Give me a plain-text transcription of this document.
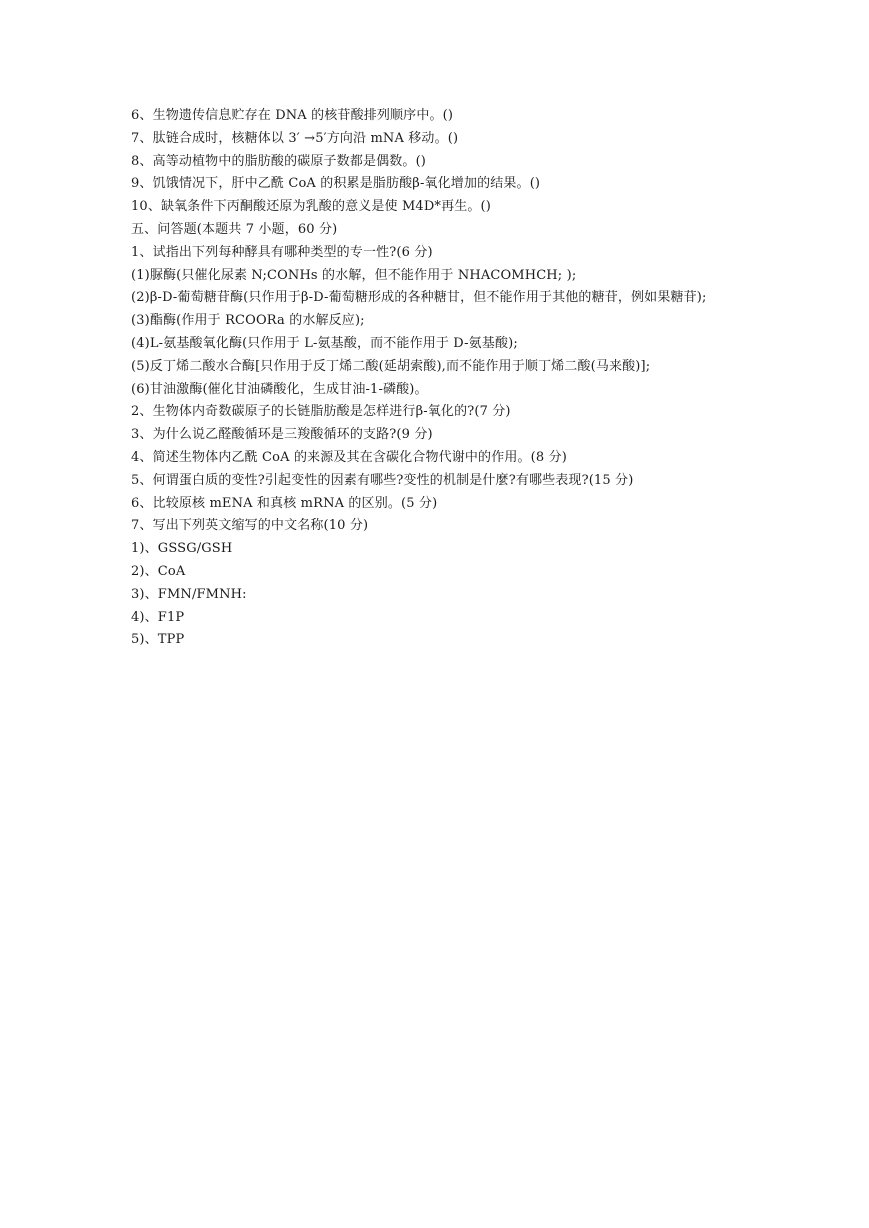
6、生物遗传信息贮存在 DNA 的核苷酸排列顺序中。()

7、肽链合成时，核糖体以 3′ →5′方向沿 mNA 移动。()

8、高等动植物中的脂肪酸的碳原子数都是偶数。()

9、饥饿情况下，肝中乙酰 CoA 的积累是脂肪酸β-氧化增加的结果。()

10、缺氧条件下丙酮酸还原为乳酸的意义是使 M4D*再生。()

五、问答题(本题共 7 小题，60 分)

1、试指出下列每种酵具有哪种类型的专一性?(6 分)

(1)脲酶(只催化尿素 N;CONHs 的水解，但不能作用于 NHACOMHCH; );

(2)β-D-葡萄糖苷酶(只作用于β-D-葡萄糖形成的各种糖甘，但不能作用于其他的糖苷，例如果糖苷);

(3)酯酶(作用于 RCOORa 的水解反应);

(4)L-氨基酸氧化酶(只作用于 L-氨基酸，而不能作用于 D-氨基酸);

(5)反丁烯二酸水合酶[只作用于反丁烯二酸(延胡索酸),而不能作用于顺丁烯二酸(马来酸)];

(6)甘油激酶(催化甘油磷酸化，生成甘油-1-磷酸)。

2、生物体内奇数碳原子的长链脂肪酸是怎样进行β-氧化的?(7 分)

3、为什么说乙醛酸循环是三羧酸循环的支路?(9 分)

4、简述生物体内乙酰 CoA 的来源及其在含碳化合物代谢中的作用。(8 分)

5、何谓蛋白质的变性?引起变性的因素有哪些?变性的机制是什麼?有哪些表现?(15 分)

6、比较原核 mENA 和真核 mRNA 的区别。(5 分)

7、写出下列英文缩写的中文名称(10 分)

1)、GSSG/GSH

2)、CoA

3)、FMN/FMNH:

4)、F1P

5)、TPP
